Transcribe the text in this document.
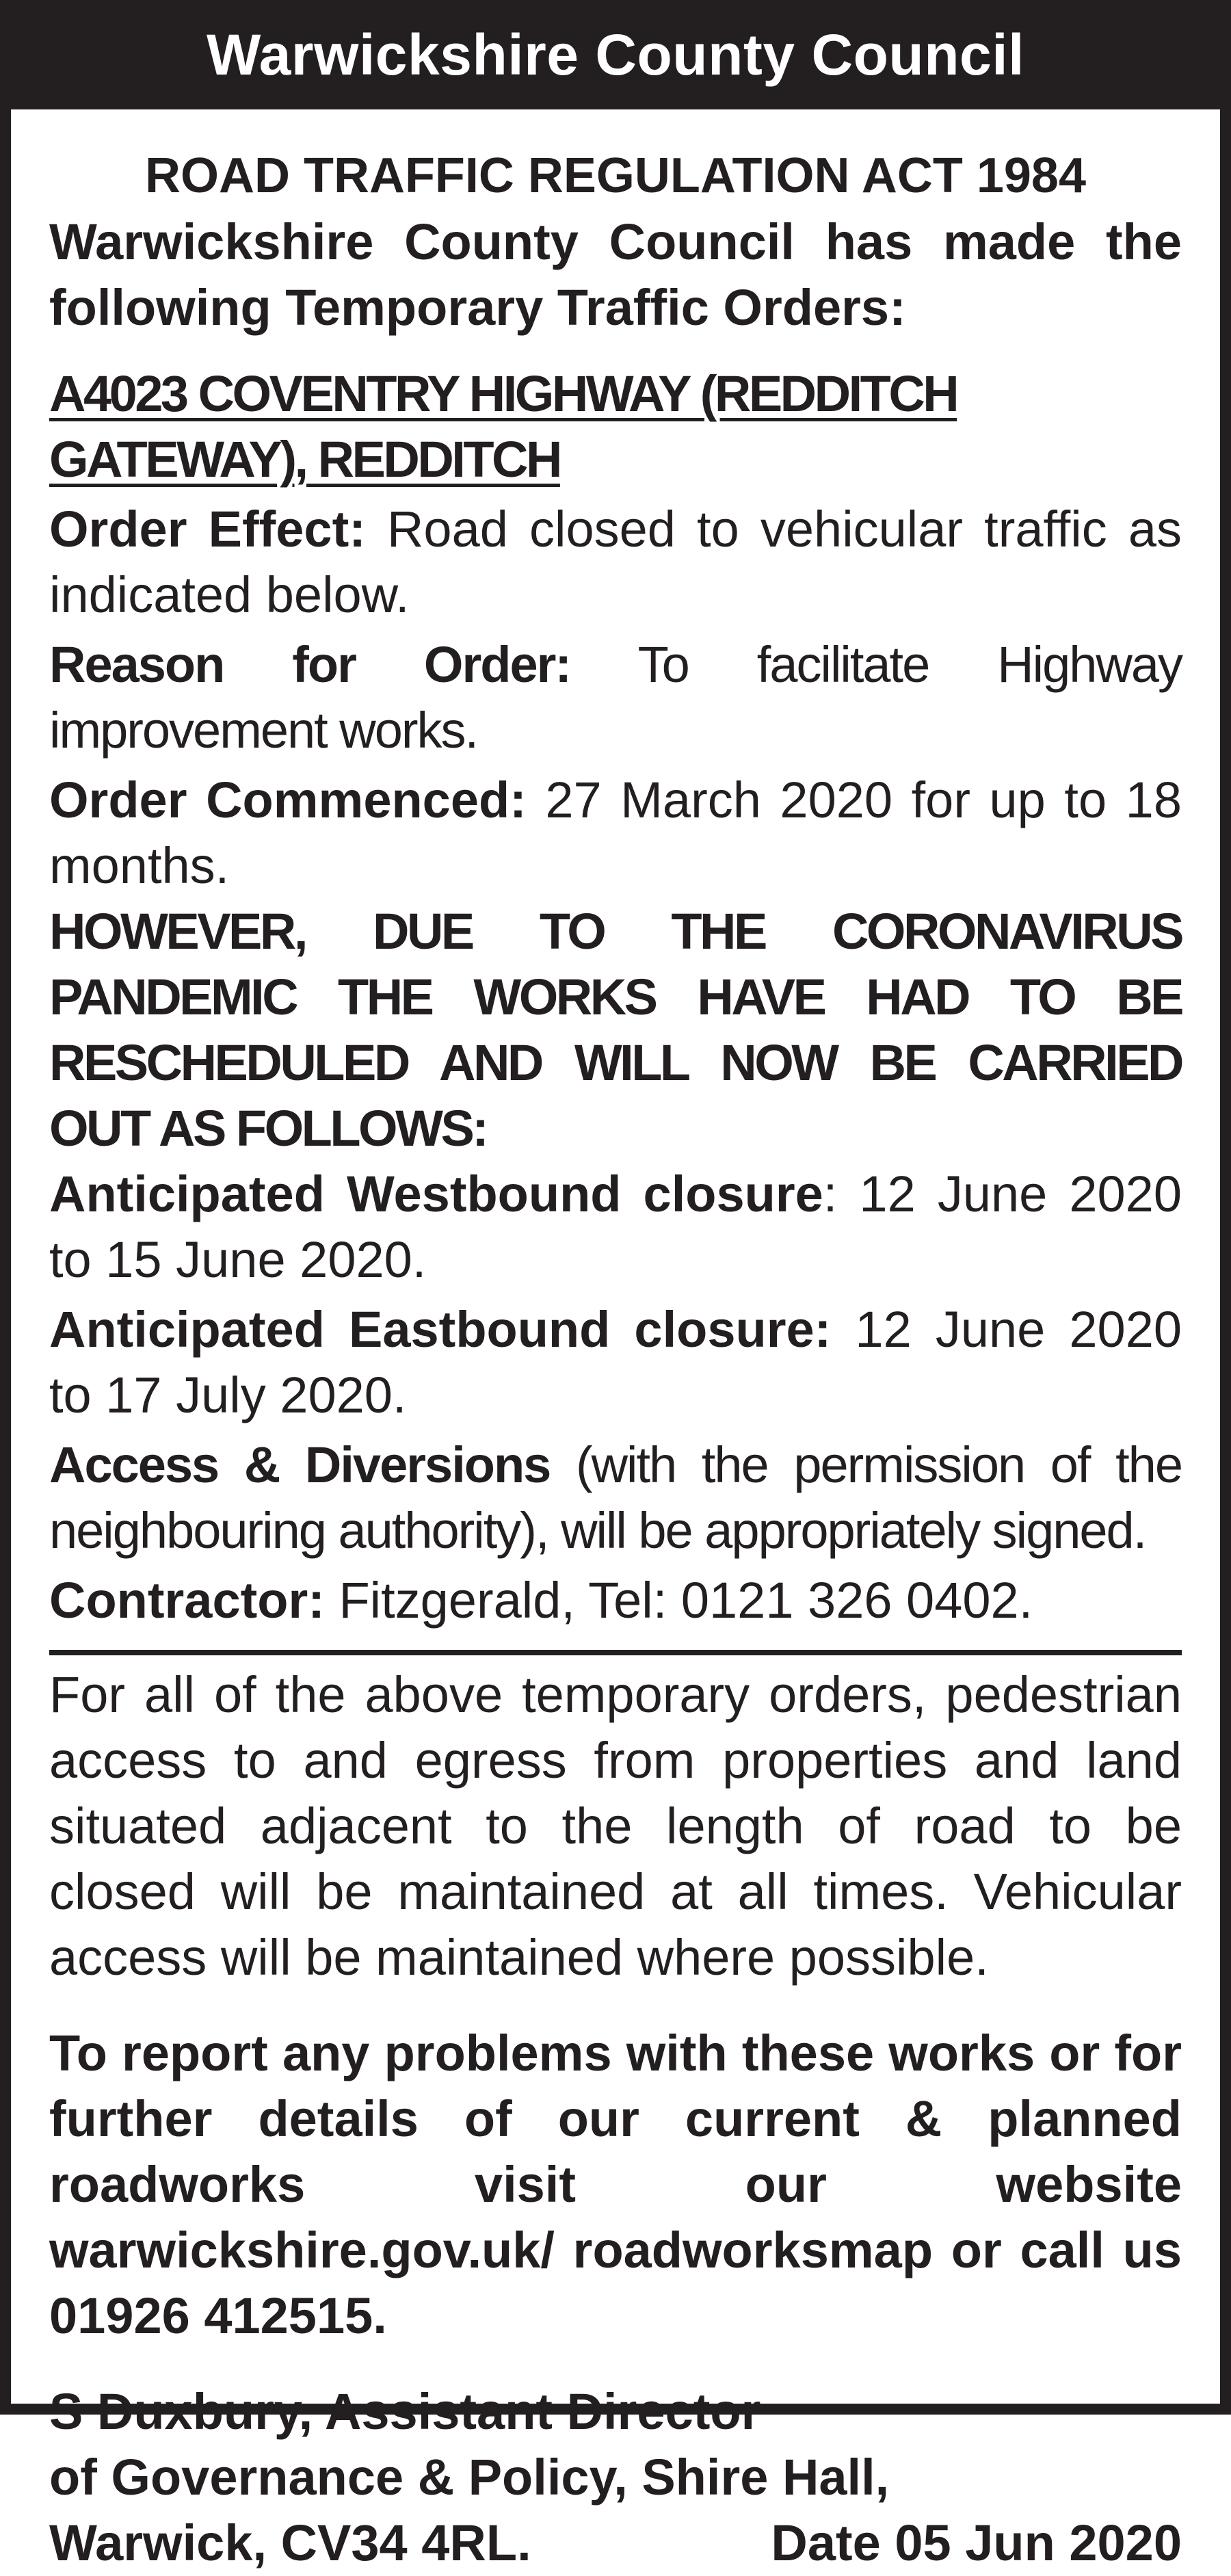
Warwickshire County Council

ROAD TRAFFIC REGULATION ACT 1984

Warwickshire County Council has made the following Temporary Traffic Orders:

A4023 COVENTRY HIGHWAY (REDDITCH GATEWAY), REDDITCH

Order Effect: Road closed to vehicular traffic as indicated below.

Reason for Order: To facilitate Highway improvement works.

Order Commenced: 27 March 2020 for up to 18 months.

HOWEVER, DUE TO THE CORONAVIRUS PANDEMIC THE WORKS HAVE HAD TO BE RESCHEDULED AND WILL NOW BE CARRIED OUT AS FOLLOWS:

Anticipated Westbound closure: 12 June 2020 to 15 June 2020.

Anticipated Eastbound closure: 12 June 2020 to 17 July 2020.

Access & Diversions (with the permission of the neighbouring authority), will be appropriately signed.

Contractor: Fitzgerald, Tel: 0121 326 0402.

For all of the above temporary orders, pedestrian access to and egress from properties and land situated adjacent to the length of road to be closed will be maintained at all times. Vehicular access will be maintained where possible.

To report any problems with these works or for further details of our current & planned roadworks visit our website warwickshire.gov.uk/ roadworksmap or call us 01926 412515.

S Duxbury, Assistant Director

of Governance & Policy, Shire Hall,

Warwick, CV34 4RL.	Date 05 Jun 2020
